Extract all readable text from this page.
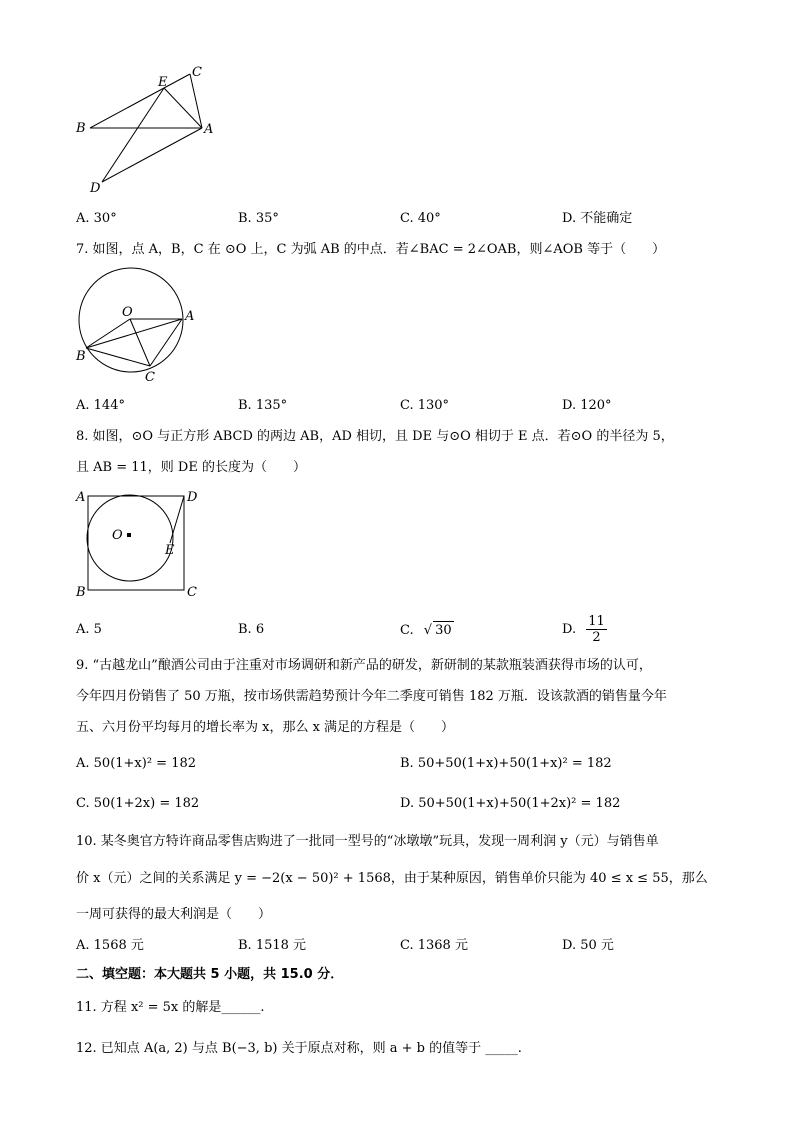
E
C
B	A
D
A. 30°	B. 35°	C. 40°	D. 不能确定
7. 如图，点 A，B，C 在 ⊙O 上，C 为弧 AB 的中点．若∠BAC = 2∠OAB，则∠AOB 等于（　　）
O	A
B
C
A. 144°	B. 135°	C. 130°	D. 120°
8. 如图，⊙O 与正方形 ABCD 的两边 AB，AD 相切，且 DE 与⊙O 相切于 E 点．若⊙O 的半径为 5，
且 AB = 11，则 DE 的长度为（　　）
A	D
O
E
B	C
A. 5	B. 6	C. √ 30	D. $\frac{11}{2}$
9. “古越龙山”酿酒公司由于注重对市场调研和新产品的研发，新研制的某款瓶装酒获得市场的认可，
今年四月份销售了 50 万瓶，按市场供需趋势预计今年二季度可销售 182 万瓶．设该款酒的销售量今年
五、六月份平均每月的增长率为 x，那么 x 满足的方程是（　　）
A. 50(1+x)² = 182	B. 50+50(1+x)+50(1+x)² = 182
C. 50(1+2x) = 182	D. 50+50(1+x)+50(1+2x)² = 182
10. 某冬奥官方特许商品零售店购进了一批同一型号的“冰墩墩”玩具，发现一周利润 y（元）与销售单
价 x（元）之间的关系满足 y = −2(x − 50)² + 1568，由于某种原因，销售单价只能为 40 ≤ x ≤ 55，那么
一周可获得的最大利润是（　　）
A. 1568 元	B. 1518 元	C. 1368 元	D. 50 元
二、填空题：本大题共 5 小题，共 15.0 分．
11. 方程 x² = 5x 的解是______.
12. 已知点 A(a, 2) 与点 B(−3, b) 关于原点对称，则 a + b 的值等于 _____.
